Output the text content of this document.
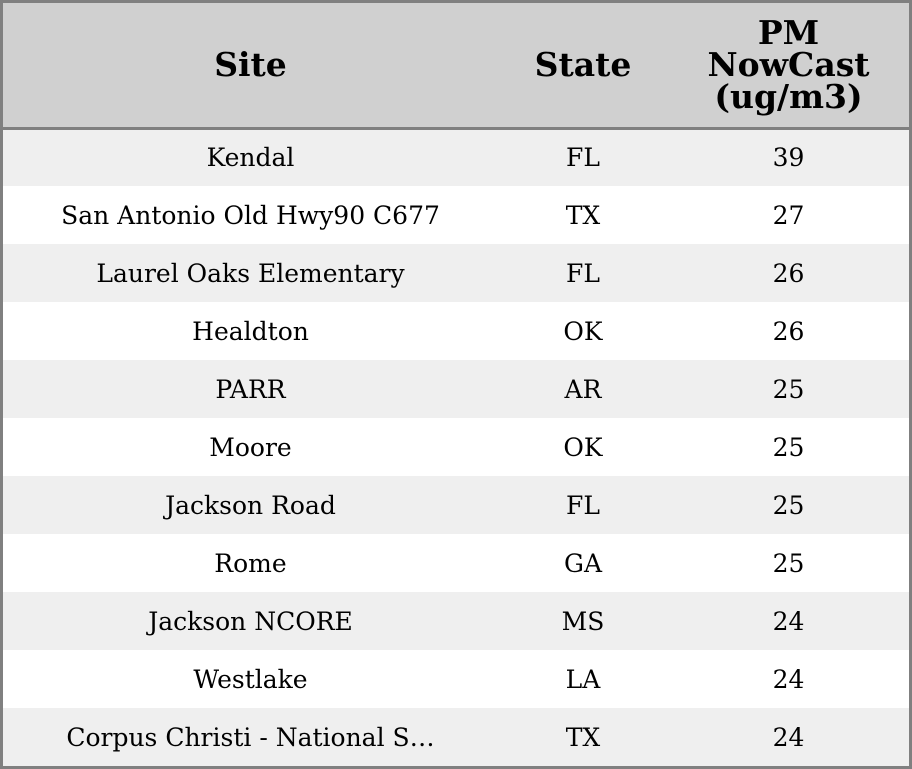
Site	State	PM NowCast (ug/m3)
Kendal	FL	39
San Antonio Old Hwy90 C677	TX	27
Laurel Oaks Elementary	FL	26
Healdton	OK	26
PARR	AR	25
Moore	OK	25
Jackson Road	FL	25
Rome	GA	25
Jackson NCORE	MS	24
Westlake	LA	24
Corpus Christi - National S…	TX	24
